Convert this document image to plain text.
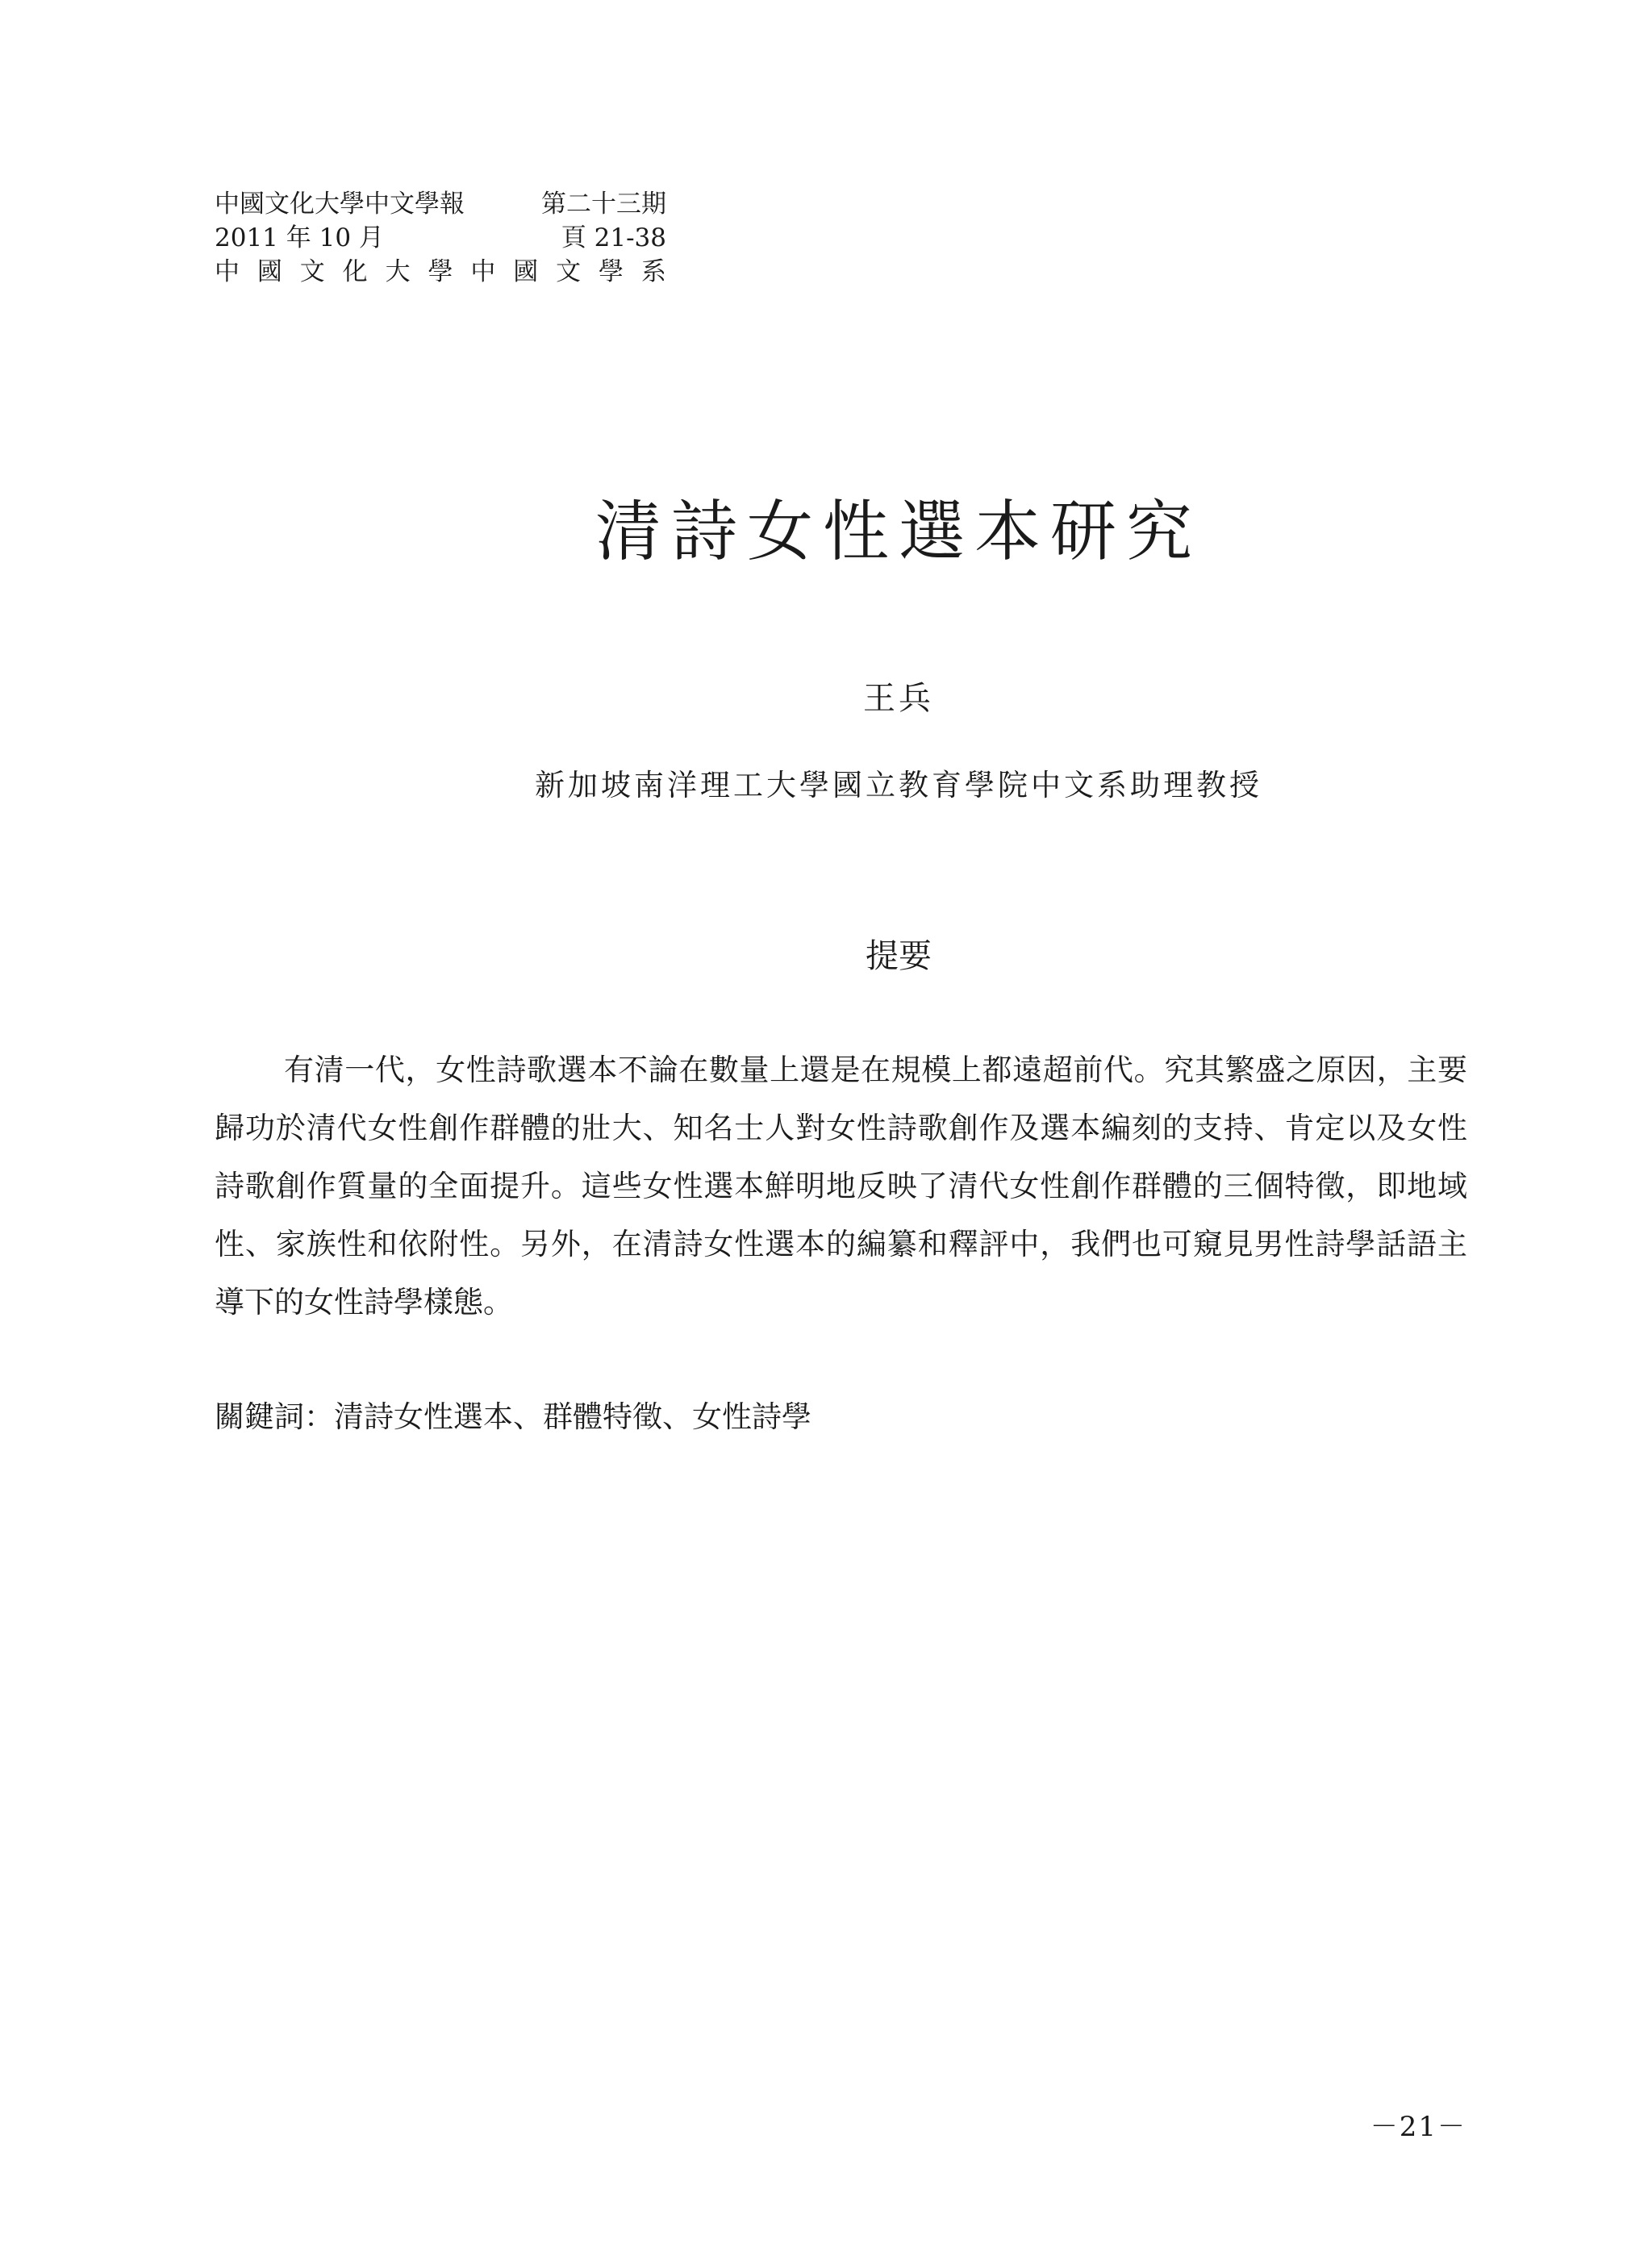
中國文化大學中文學報	第二十三期
2011 年 10 月	頁 21-38
中 國 文 化 大 學 中 國 文 學 系
清詩女性選本研究
王兵
新加坡南洋理工大學國立教育學院中文系助理教授
提要

有清一代，女性詩歌選本不論在數量上還是在規模上都遠超前代。究其繁盛之原因，主要歸功於清代女性創作群體的壯大、知名士人對女性詩歌創作及選本編刻的支持、肯定以及女性詩歌創作質量的全面提升。這些女性選本鮮明地反映了清代女性創作群體的三個特徵，即地域性、家族性和依附性。另外，在清詩女性選本的編纂和釋評中，我們也可窺見男性詩學話語主導下的女性詩學樣態。

關鍵詞：清詩女性選本、群體特徵、女性詩學
－21－
